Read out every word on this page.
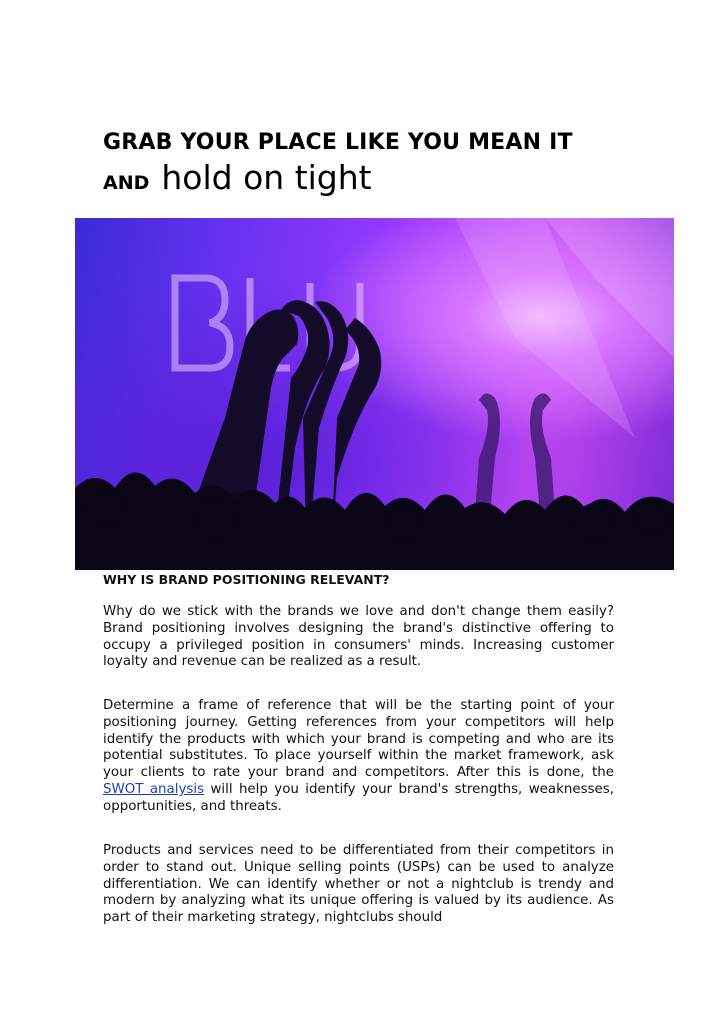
GRAB YOUR PLACE LIKE YOU MEAN IT
AND hold on tight
WHY IS BRAND POSITIONING RELEVANT?

Why do we stick with the brands we love and don't change them easily? Brand positioning involves designing the brand's distinctive offering to occupy a privileged position in consumers' minds. Increasing customer loyalty and revenue can be realized as a result.

Determine a frame of reference that will be the starting point of your positioning journey. Getting references from your competitors will help identify the products with which your brand is competing and who are its potential substitutes. To place yourself within the market framework, ask your clients to rate your brand and competitors. After this is done, the SWOT analysis will help you identify your brand's strengths, weaknesses, opportunities, and threats.

Products and services need to be differentiated from their competitors in order to stand out. Unique selling points (USPs) can be used to analyze differentiation. We can identify whether or not a nightclub is trendy and modern by analyzing what its unique offering is valued by its audience. As part of their marketing strategy, nightclubs should
